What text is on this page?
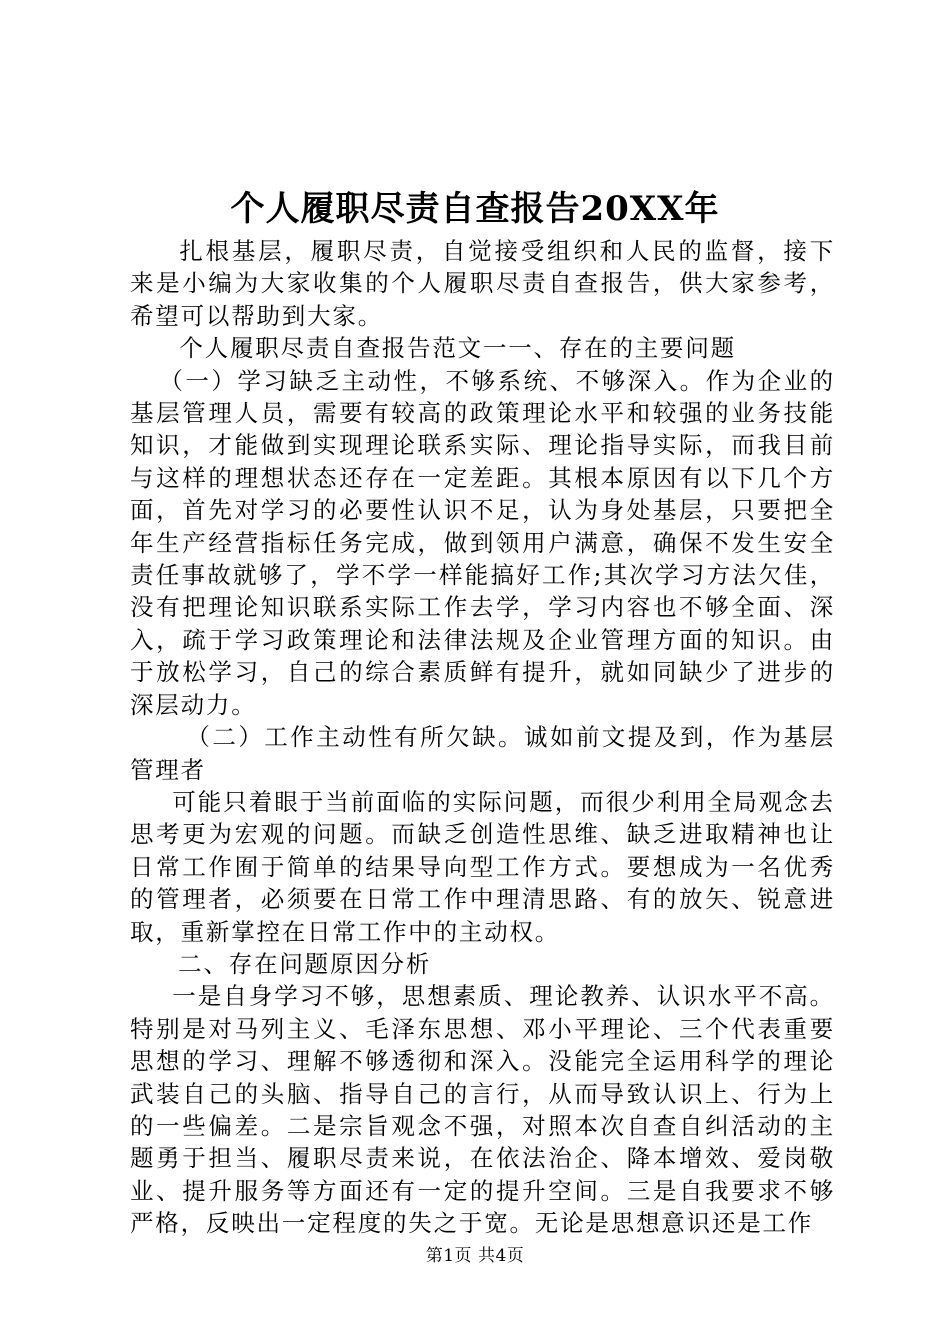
个人履职尽责自查报告20XX年

扎根基层，履职尽责，自觉接受组织和人民的监督，接下来是小编为大家收集的个人履职尽责自查报告，供大家参考，希望可以帮助到大家。

个人履职尽责自查报告范文一一、存在的主要问题

（一）学习缺乏主动性，不够系统、不够深入。作为企业的基层管理人员，需要有较高的政策理论水平和较强的业务技能知识，才能做到实现理论联系实际、理论指导实际，而我目前与这样的理想状态还存在一定差距。其根本原因有以下几个方面，首先对学习的必要性认识不足，认为身处基层，只要把全年生产经营指标任务完成，做到领用户满意，确保不发生安全责任事故就够了，学不学一样能搞好工作;其次学习方法欠佳，没有把理论知识联系实际工作去学，学习内容也不够全面、深入，疏于学习政策理论和法律法规及企业管理方面的知识。由于放松学习，自己的综合素质鲜有提升，就如同缺少了进步的深层动力。

（二）工作主动性有所欠缺。诚如前文提及到，作为基层管理者

可能只着眼于当前面临的实际问题，而很少利用全局观念去思考更为宏观的问题。而缺乏创造性思维、缺乏进取精神也让日常工作囿于简单的结果导向型工作方式。要想成为一名优秀的管理者，必须要在日常工作中理清思路、有的放矢、锐意进取，重新掌控在日常工作中的主动权。

二、存在问题原因分析

一是自身学习不够，思想素质、理论教养、认识水平不高。特别是对马列主义、毛泽东思想、邓小平理论、三个代表重要思想的学习、理解不够透彻和深入。没能完全运用科学的理论武装自己的头脑、指导自己的言行，从而导致认识上、行为上的一些偏差。二是宗旨观念不强，对照本次自查自纠活动的主题勇于担当、履职尽责来说，在依法治企、降本增效、爱岗敬业、提升服务等方面还有一定的提升空间。三是自我要求不够严格，反映出一定程度的失之于宽。无论是思想意识还是工作

第1页 共4页
